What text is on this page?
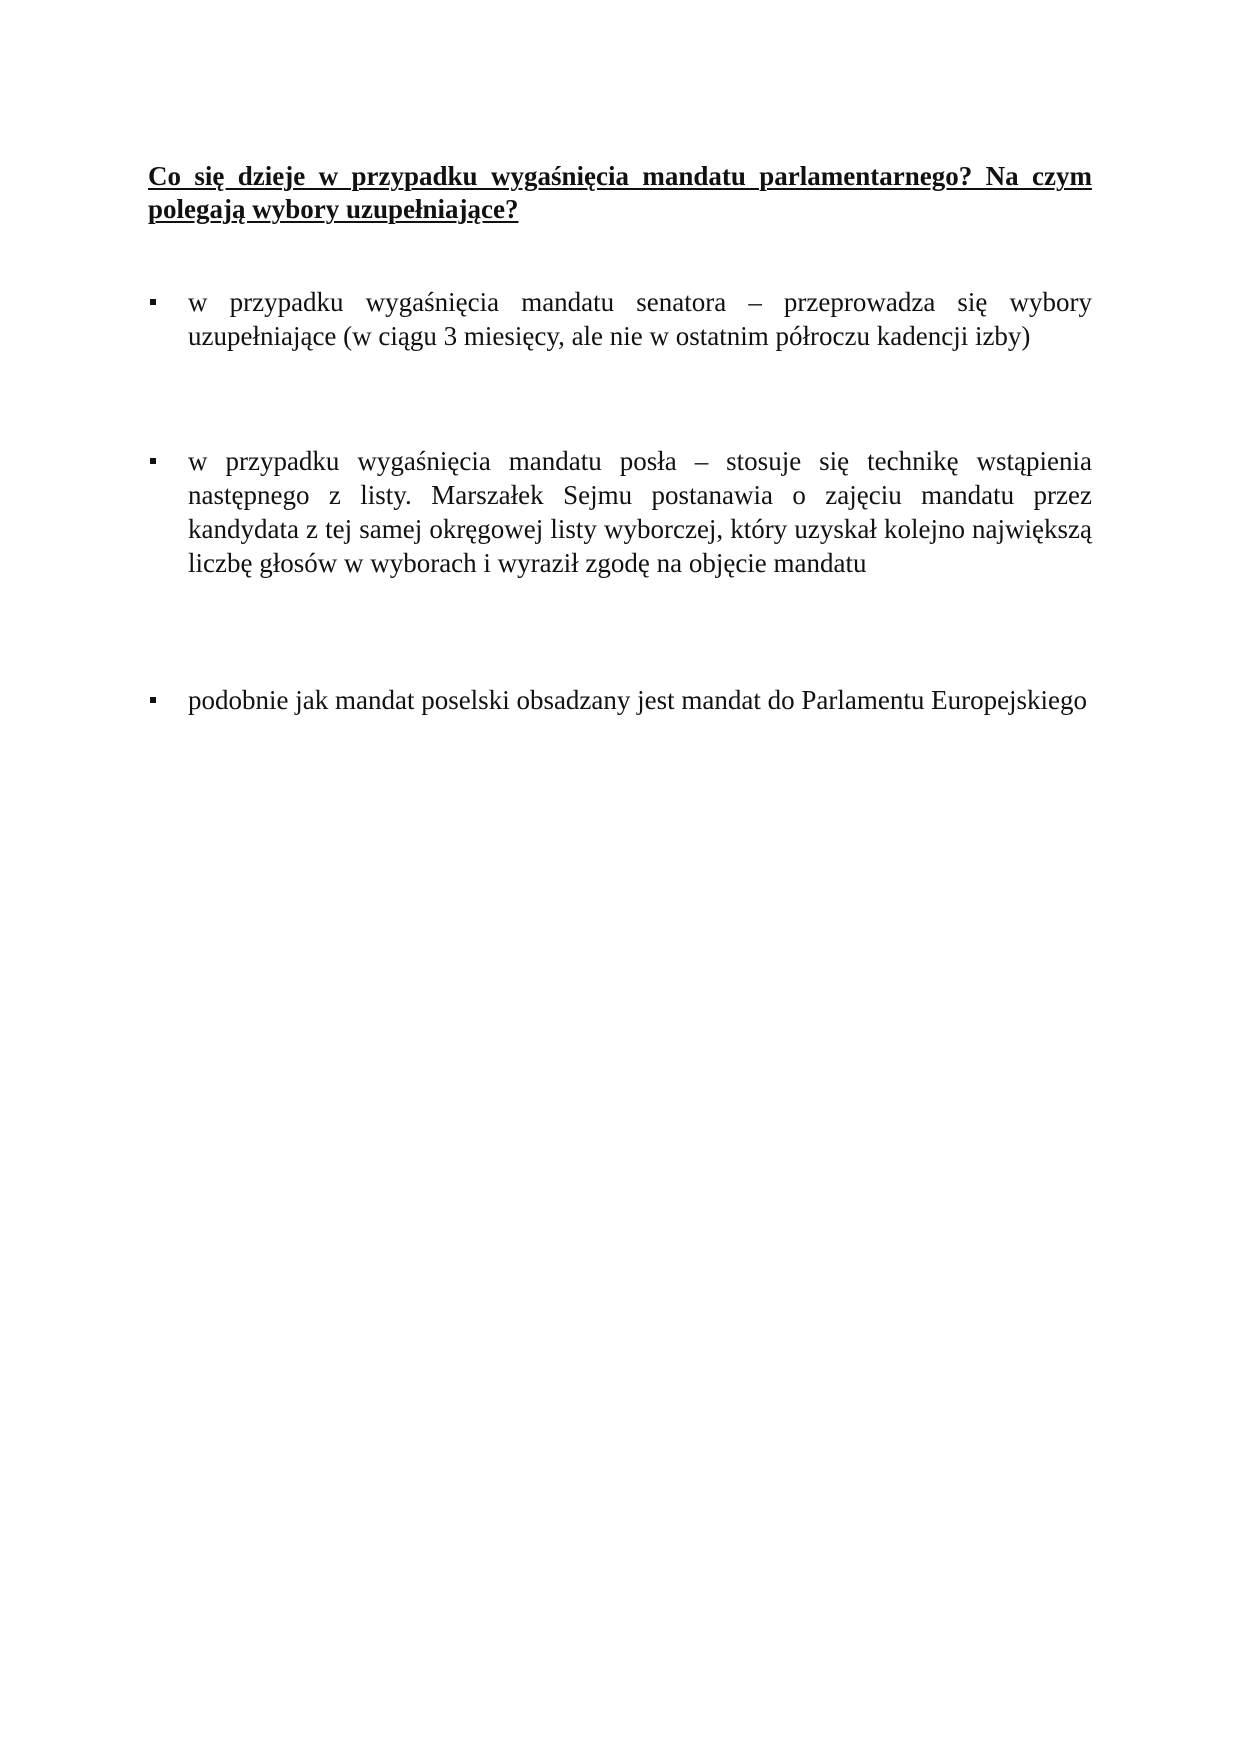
Co się dzieje w przypadku wygaśnięcia mandatu parlamentarnego? Na czym polegają wybory uzupełniające?
w przypadku wygaśnięcia mandatu senatora – przeprowadza się wybory uzupełniające (w ciągu 3 miesięcy, ale nie w ostatnim półroczu kadencji izby)
w przypadku wygaśnięcia mandatu posła – stosuje się technikę wstąpienia następnego z listy. Marszałek Sejmu postanawia o zajęciu mandatu przez kandydata z tej samej okręgowej listy wyborczej, który uzyskał kolejno największą liczbę głosów w wyborach i wyraził zgodę na objęcie mandatu
podobnie jak mandat poselski obsadzany jest mandat do Parlamentu Europejskiego
